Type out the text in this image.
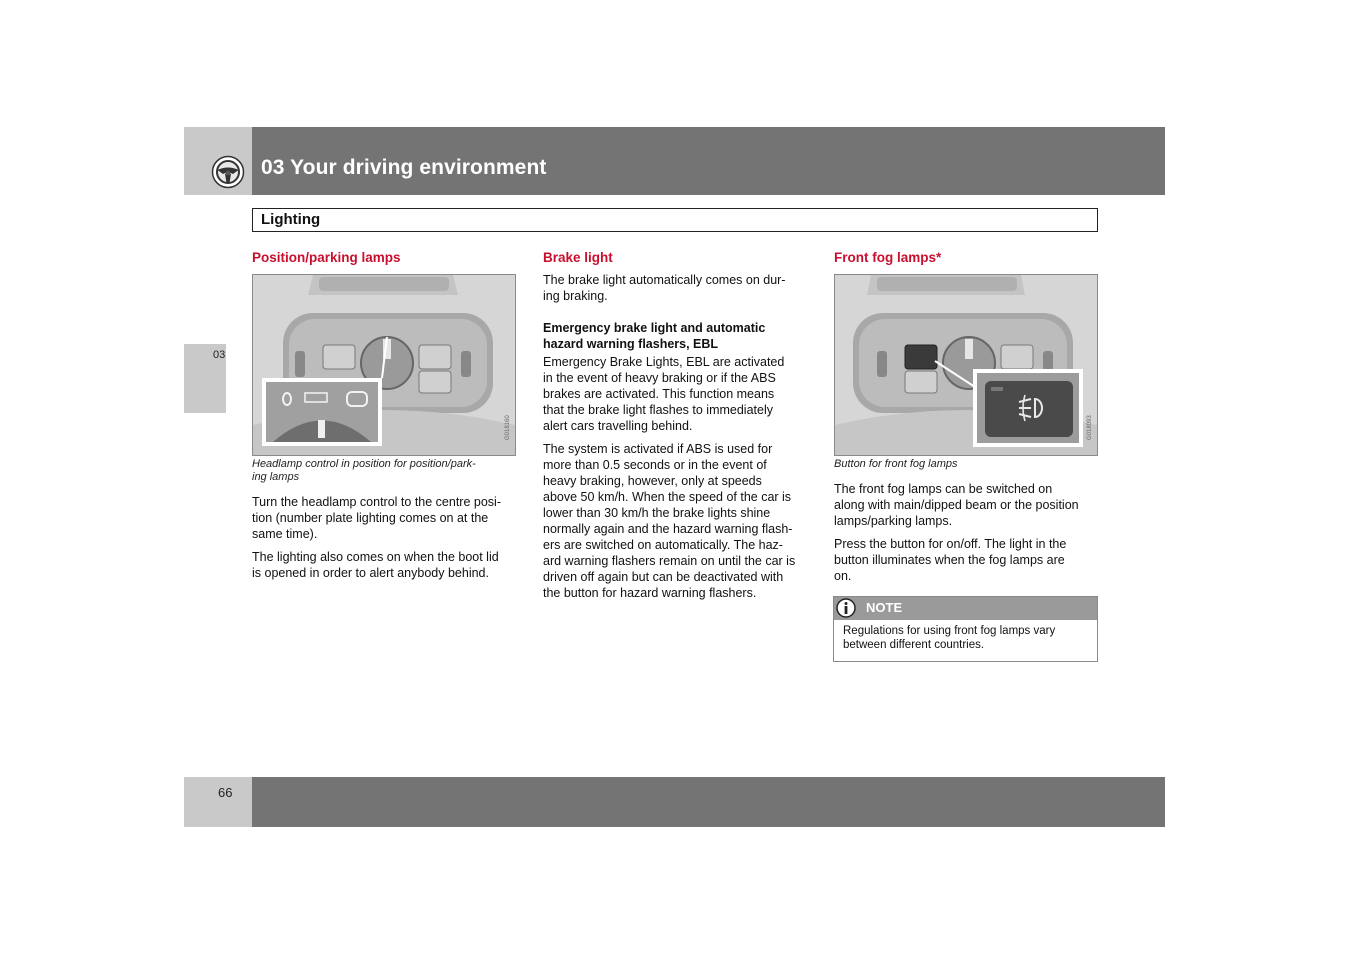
03 Your driving environment
Lighting
03
Position/parking lamps
G018160
Headlamp control in position for position/park-
ing lamps
Turn the headlamp control to the centre posi-
tion (number plate lighting comes on at the
same time).
The lighting also comes on when the boot lid
is opened in order to alert anybody behind.
Brake light
The brake light automatically comes on dur-
ing braking.
Emergency brake light and automatic
hazard warning flashers, EBL
Emergency Brake Lights, EBL are activated
in the event of heavy braking or if the ABS
brakes are activated. This function means
that the brake light flashes to immediately
alert cars travelling behind.
The system is activated if ABS is used for
more than 0.5 seconds or in the event of
heavy braking, however, only at speeds
above 50 km/h. When the speed of the car is
lower than 30 km/h the brake lights shine
normally again and the hazard warning flash-
ers are switched on automatically. The haz-
ard warning flashers remain on until the car is
driven off again but can be deactivated with
the button for hazard warning flashers.
Front fog lamps*
G018093
Button for front fog lamps
The front fog lamps can be switched on
along with main/dipped beam or the position
lamps/parking lamps.
Press the button for on/off. The light in the
button illuminates when the fog lamps are
on.
NOTE
Regulations for using front fog lamps vary
between different countries.
66
